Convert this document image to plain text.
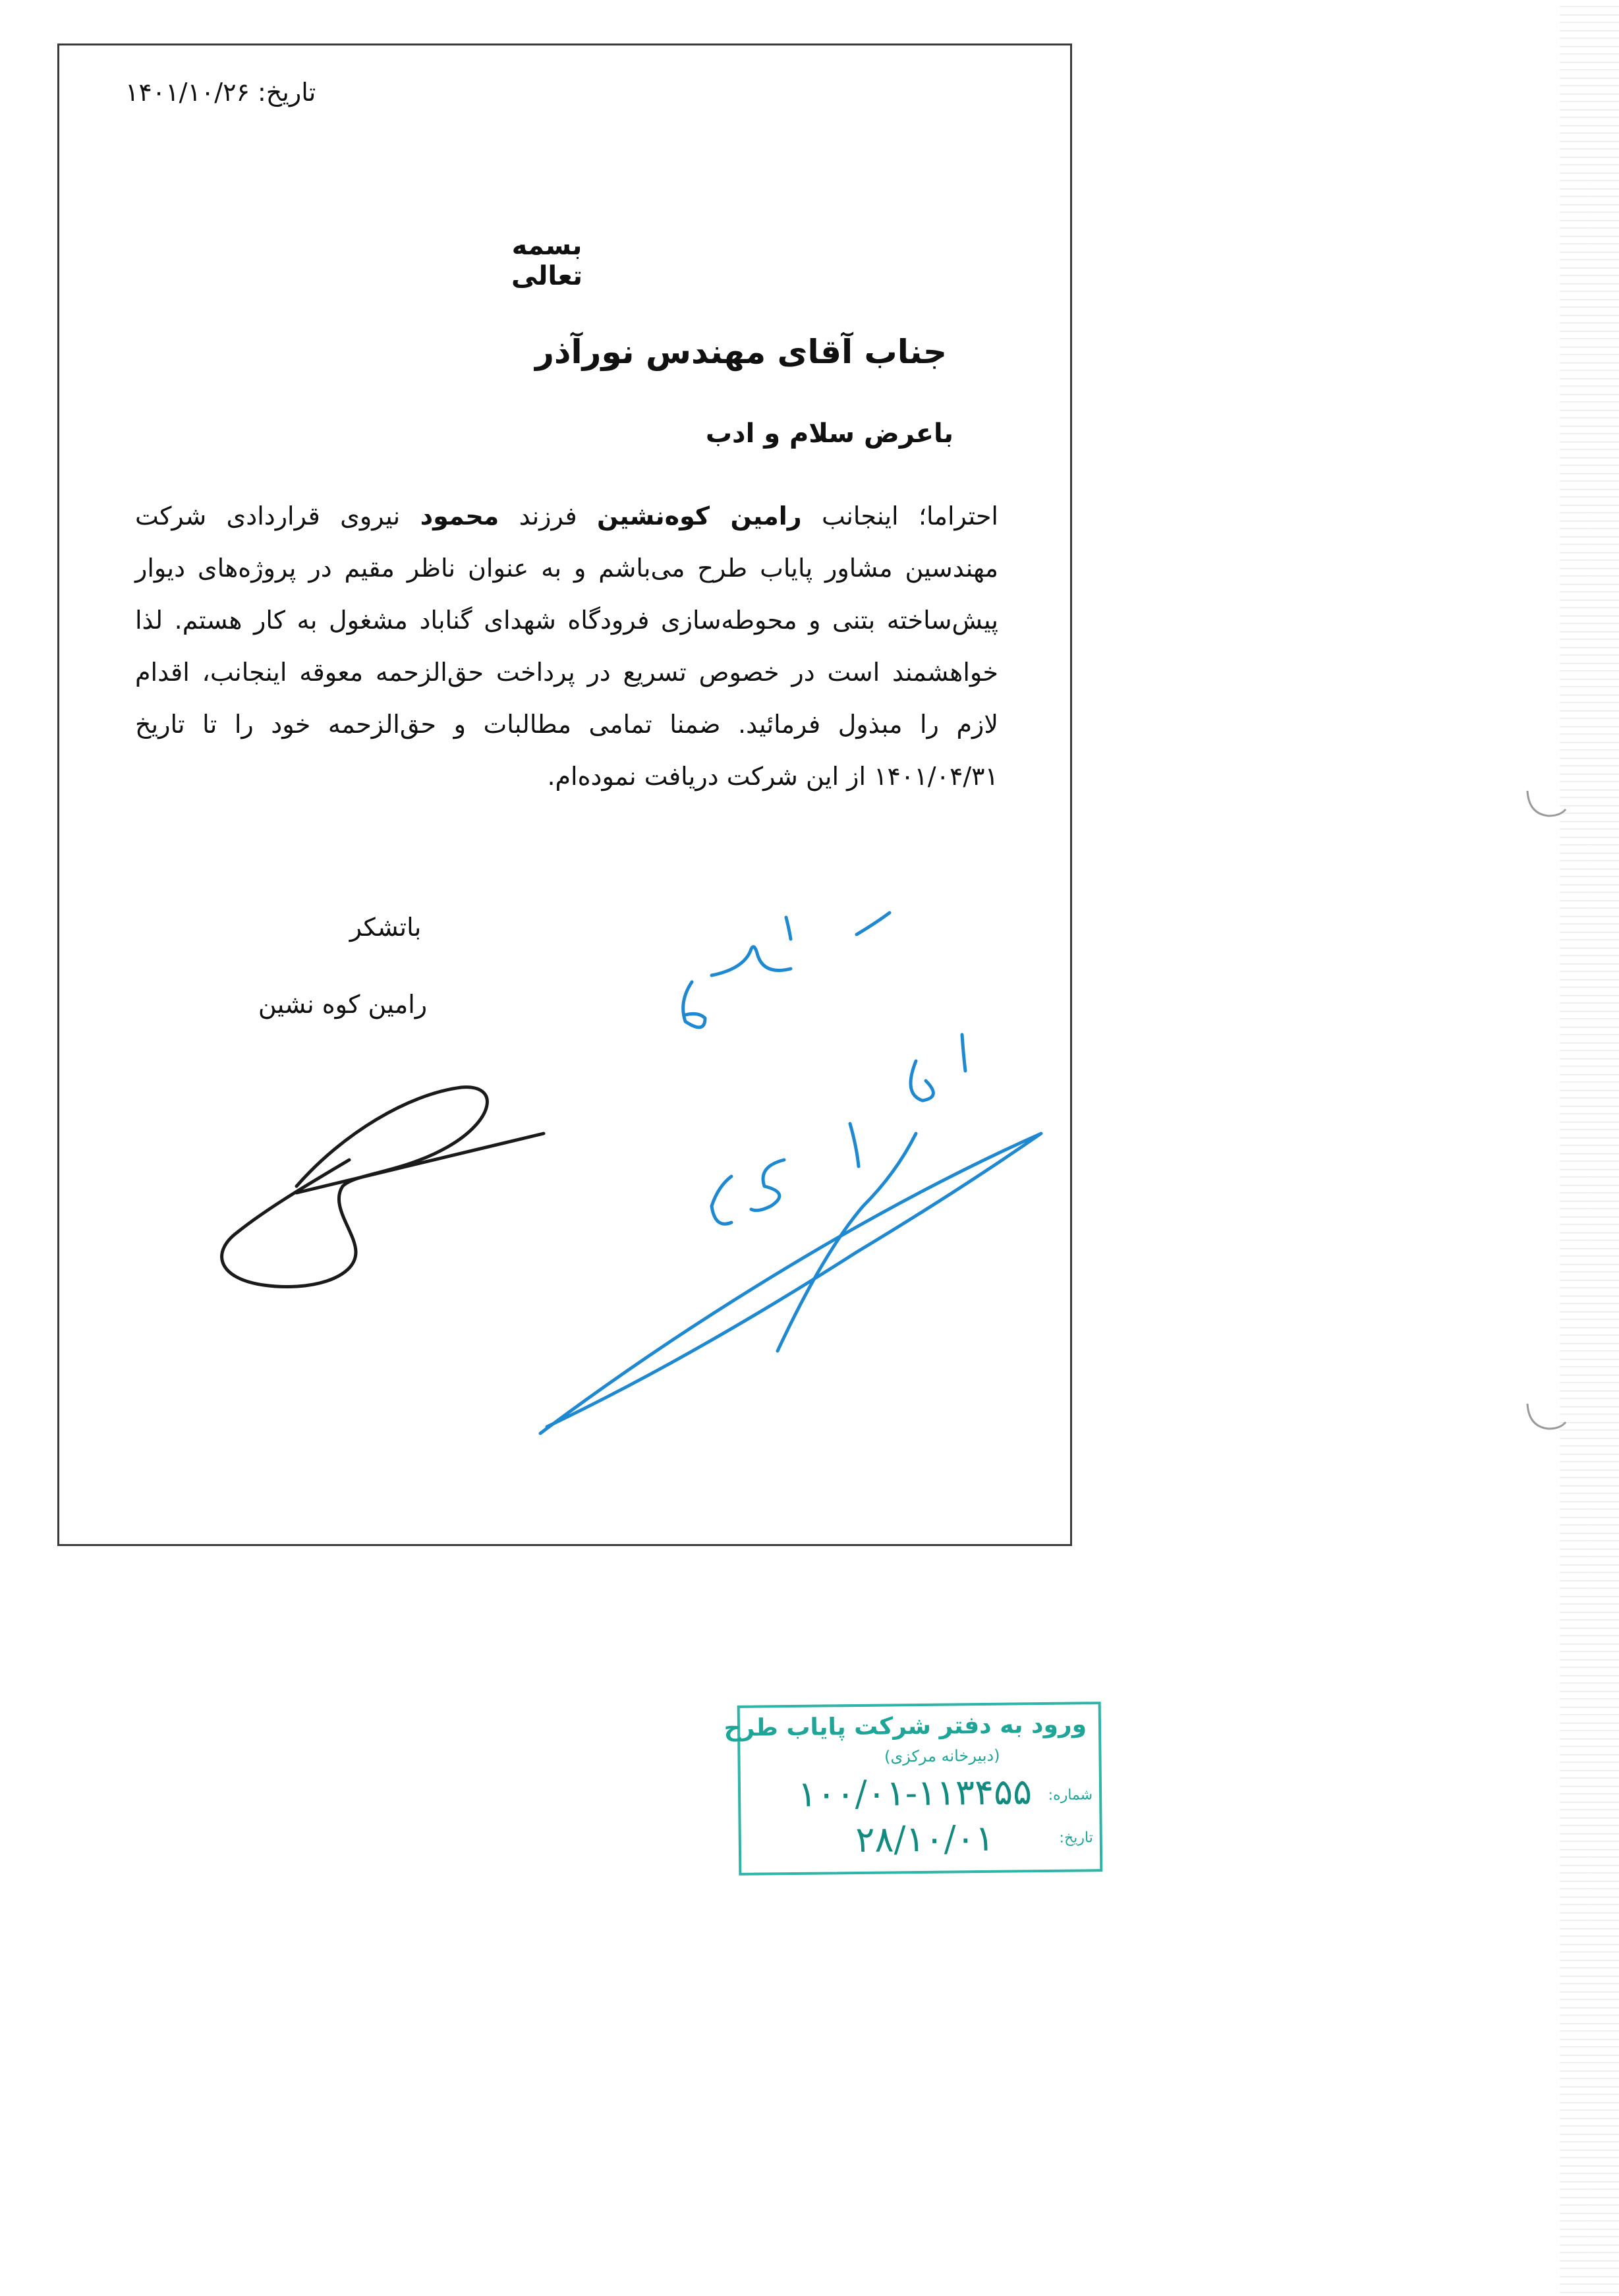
تاریخ: ۱۴۰۱/۱۰/۲۶
بسمه تعالی
جناب آقای مهندس نورآذر
باعرض سلام و ادب
احتراما؛ اینجانب رامین کوه‌نشین فرزند محمود نیروی قراردادی شرکت مهندسین مشاور پایاب طرح می‌باشم و به عنوان ناظر مقیم در پروژه‌های دیوار پیش‌ساخته بتنی و محوطه‌سازی فرودگاه شهدای گناباد مشغول به کار هستم. لذا خواهشمند است در خصوص تسریع در پرداخت حق‌الزحمه معوقه اینجانب، اقدام لازم را مبذول فرمائید. ضمنا تمامی مطالبات و حق‌الزحمه خود را تا تاریخ ۱۴۰۱/۰۴/۳۱ از این شرکت دریافت نموده‌ام.
باتشکر
رامین کوه نشین
ورود به دفتر شرکت پایاب طرح
(دبیرخانه مرکزی)
شماره:
۱۰۰/۰۱-۱۱۳۴۵۵
تاریخ:
۲۸/۱۰/۰۱
